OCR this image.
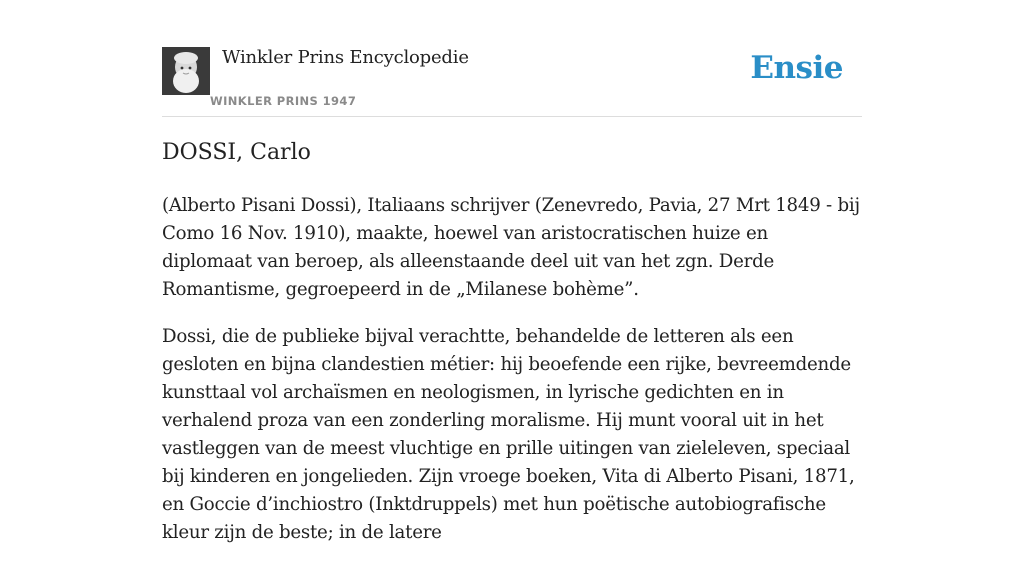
Winkler Prins Encyclopedie
WINKLER PRINS 1947
Ensie
DOSSI, Carlo

(Alberto Pisani Dossi), Italiaans schrijver (Zenevredo, Pavia, 27 Mrt 1849 - bij Como 16 Nov. 1910), maakte, hoewel van aristocratischen huize en diplomaat van beroep, als alleenstaande deel uit van het zgn. Derde Romantisme, gegroepeerd in de „Milanese bohème”.

Dossi, die de publieke bijval verachtte, behandelde de letteren als een gesloten en bijna clandestien métier: hij beoefende een rijke, bevreemdende kunsttaal vol archaïsmen en neologismen, in lyrische gedichten en in verhalend proza van een zonderling moralisme. Hij munt vooral uit in het vastleggen van de meest vluchtige en prille uitingen van zieleleven, speciaal bij kinderen en jongelieden. Zijn vroege boeken, Vita di Alberto Pisani, 1871, en Goccie d’inchiostro (Inktdruppels) met hun poëtische autobiografische kleur zijn de beste; in de latere
